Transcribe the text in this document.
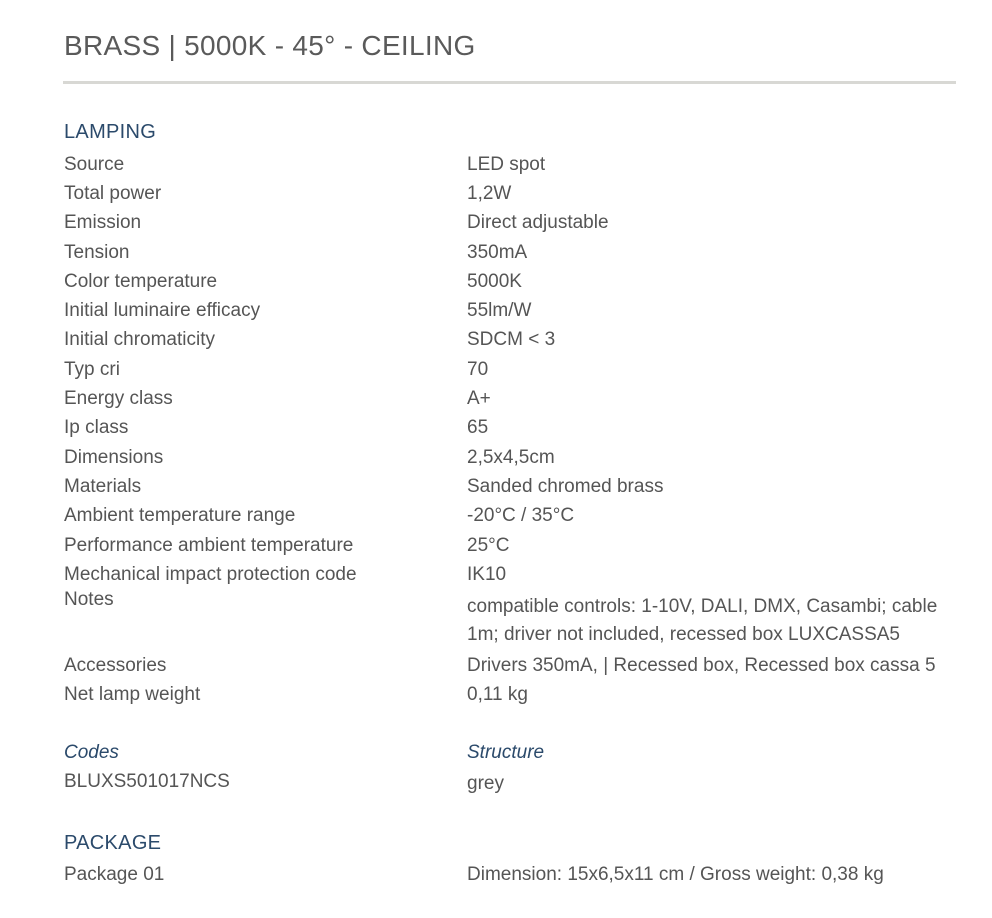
BRASS | 5000K - 45° - CEILING
LAMPING
Source	LED spot
Total power	1,2W
Emission	Direct adjustable
Tension	350mA
Color temperature	5000K
Initial luminaire efficacy	55lm/W
Initial chromaticity	SDCM < 3
Typ cri	70
Energy class	A+
Ip class	65
Dimensions	2,5x4,5cm
Materials	Sanded chromed brass
Ambient temperature range	-20°C / 35°C
Performance ambient temperature	25°C
Mechanical impact protection code	IK10
Notes	compatible controls: 1-10V, DALI, DMX, Casambi; cable 1m; driver not included, recessed box LUXCASSA5
Accessories	Drivers 350mA, | Recessed box, Recessed box cassa 5
Net lamp weight	0,11 kg
Codes
BLUXS501017NCS
Structure
grey
PACKAGE
Package 01	Dimension: 15x6,5x11 cm / Gross weight: 0,38 kg
